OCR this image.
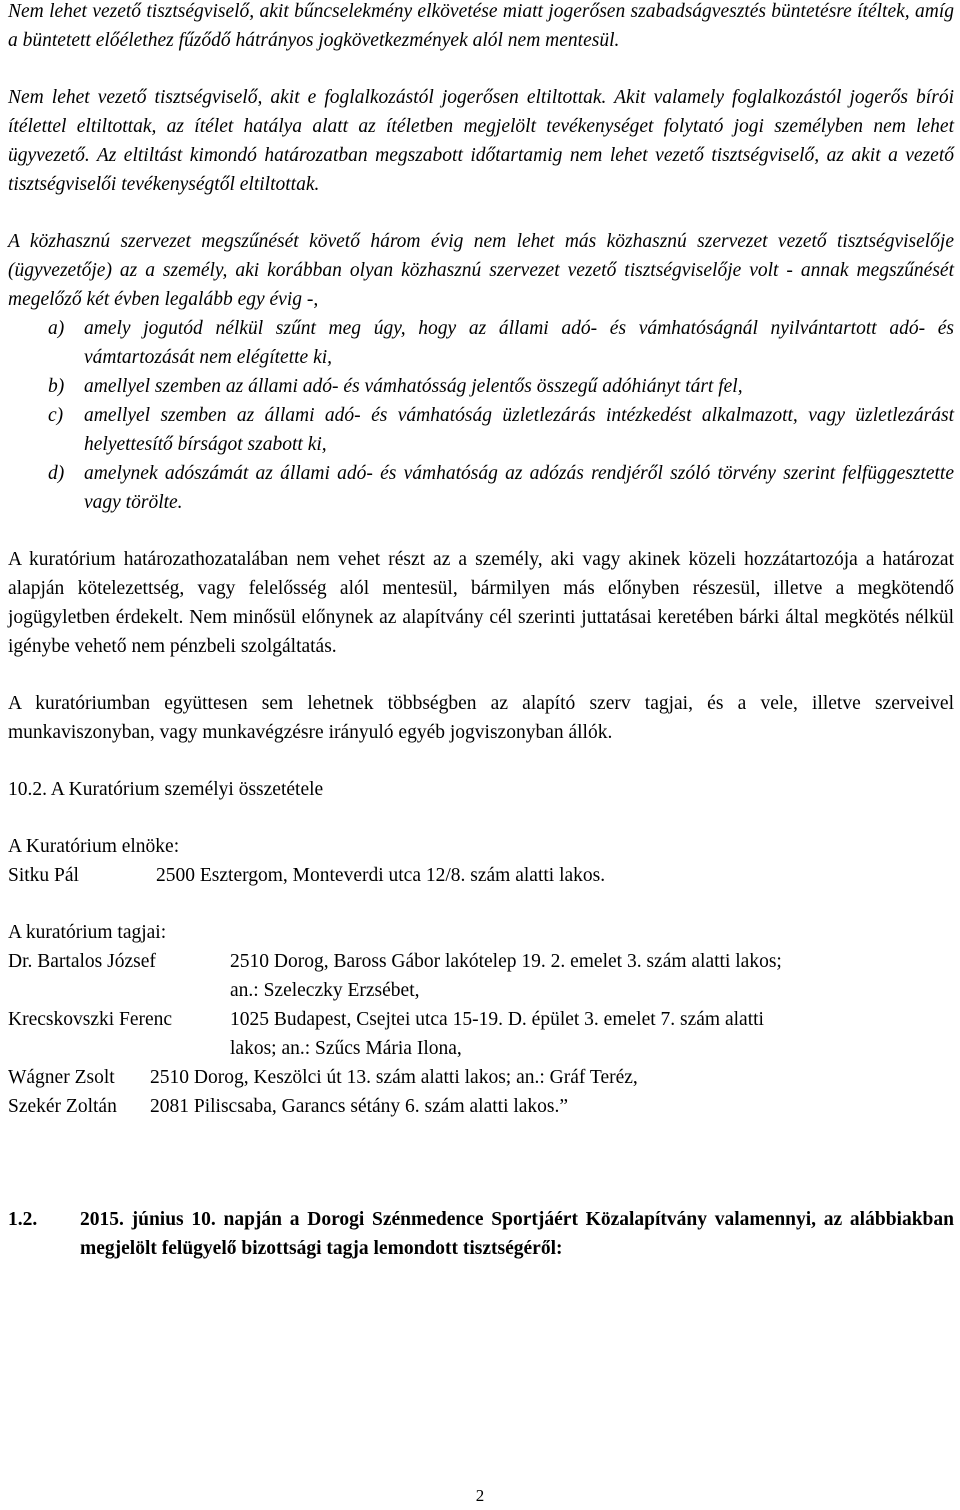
Nem lehet vezető tisztségviselő, akit bűncselekmény elkövetése miatt jogerősen szabadságvesztés büntetésre ítéltek, amíg a büntetett előélethez fűződő hátrányos jogkövetkezmények alól nem mentesül.

Nem lehet vezető tisztségviselő, akit e foglalkozástól jogerősen eltiltottak. Akit valamely foglalkozástól jogerős bírói ítélettel eltiltottak, az ítélet hatálya alatt az ítéletben megjelölt tevékenységet folytató jogi személyben nem lehet ügyvezető. Az eltiltást kimondó határozatban megszabott időtartamig nem lehet vezető tisztségviselő, az akit a vezető tisztségviselői tevékenységtől eltiltottak.

A közhasznú szervezet megszűnését követő három évig nem lehet más közhasznú szervezet vezető tisztségviselője (ügyvezetője) az a személy, aki korábban olyan közhasznú szervezet vezető tisztségviselője volt - annak megszűnését megelőző két évben legalább egy évig -,

a) amely jogutód nélkül szűnt meg úgy, hogy az állami adó- és vámhatóságnál nyilvántartott adó- és vámtartozását nem elégítette ki,
b) amellyel szemben az állami adó- és vámhatósság jelentős összegű adóhiányt tárt fel,
c) amellyel szemben az állami adó- és vámhatóság üzletlezárás intézkedést alkalmazott, vagy üzletlezárást helyettesítő bírságot szabott ki,
d) amelynek adószámát az állami adó- és vámhatóság az adózás rendjéről szóló törvény szerint felfüggesztette vagy törölte.

A kuratórium határozathozatalában nem vehet részt az a személy, aki vagy akinek közeli hozzátartozója a határozat alapján kötelezettség, vagy felelősség alól mentesül, bármilyen más előnyben részesül, illetve a megkötendő jogügyletben érdekelt. Nem minősül előnynek az alapítvány cél szerinti juttatásai keretében bárki által megkötés nélkül igénybe vehető nem pénzbeli szolgáltatás.

A kuratóriumban együttesen sem lehetnek többségben az alapító szerv tagjai, és a vele, illetve szerveivel munkaviszonyban, vagy munkavégzésre irányuló egyéb jogviszonyban állók.

10.2. A Kuratórium személyi összetétele

A Kuratórium elnöke:

Sitku Pál	2500 Esztergom, Monteverdi utca 12/8. szám alatti lakos.

A kuratórium tagjai:

Dr. Bartalos József	2510 Dorog, Baross Gábor lakótelep 19. 2. emelet 3. szám alatti lakos;

an.: Szeleczky Erzsébet,

Krecskovszki Ferenc	1025 Budapest, Csejtei utca 15-19. D. épület 3. emelet 7. szám alatti

lakos; an.: Szűcs Mária Ilona,

Wágner Zsolt 2510 Dorog, Keszölci út 13. szám alatti lakos; an.: Gráf Teréz,

Szekér Zoltán 2081 Piliscsaba, Garancs sétány 6. szám alatti lakos.”

1.2.	2015. június 10. napján a Dorogi Szénmedence Sportjáért Közalapítvány valamennyi, az alábbiakban megjelölt felügyelő bizottsági tagja lemondott tisztségéről:

2
